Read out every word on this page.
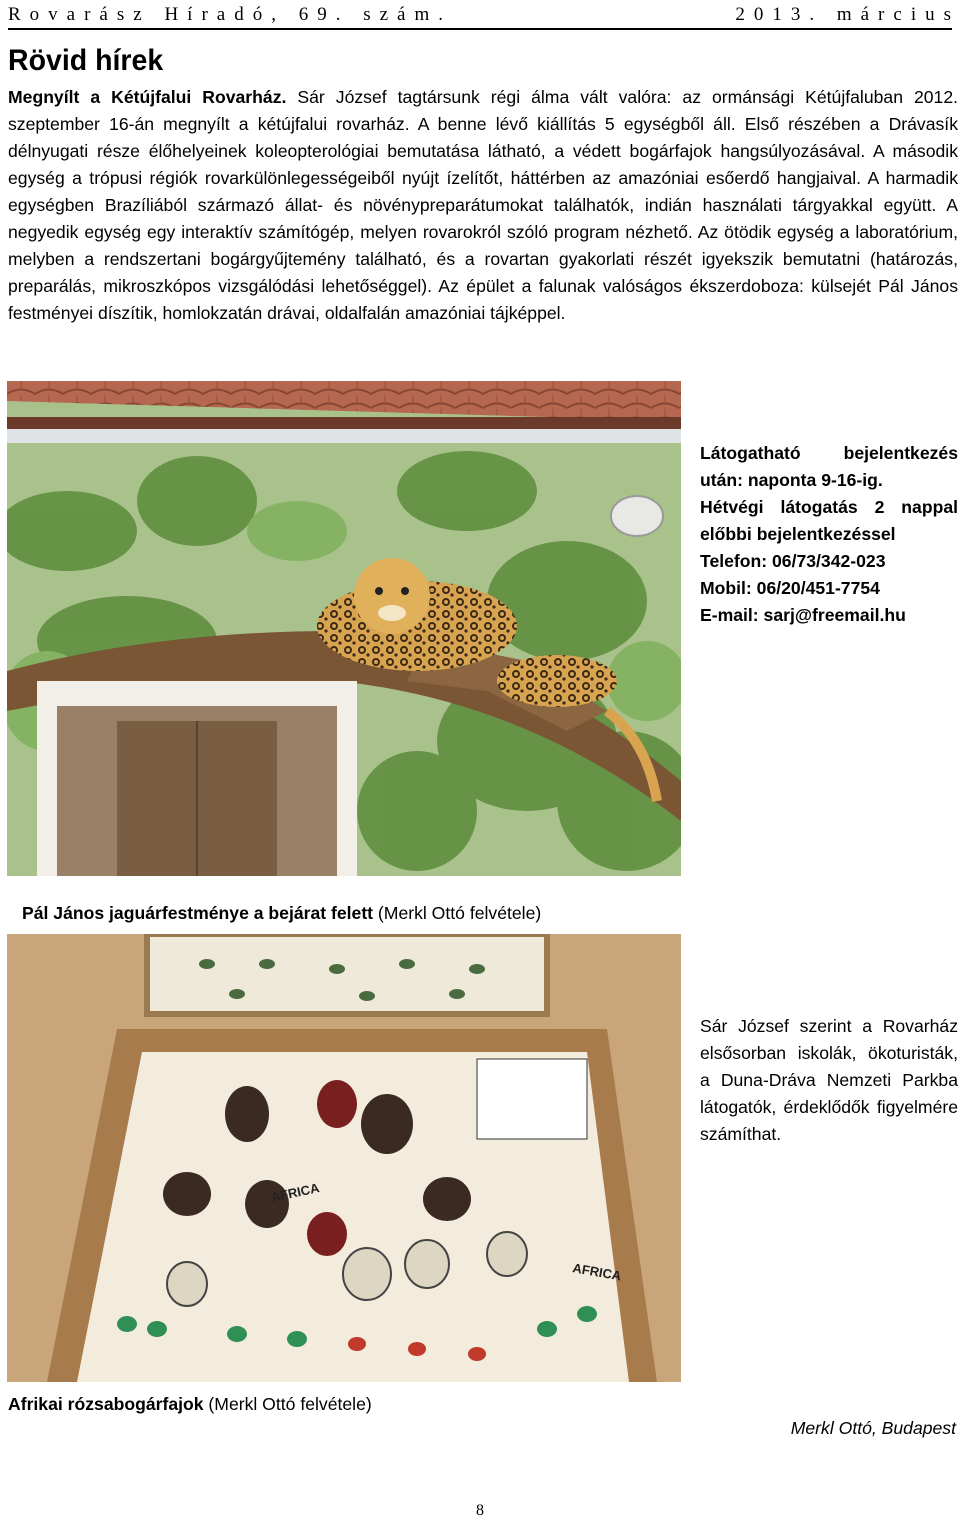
Rovarász Híradó, 69. szám.	2013. március
Rövid hírek
Megnyílt a Kétújfalui Rovarház. Sár József tagtársunk régi álma vált valóra: az ormánsági Kétújfaluban 2012. szeptember 16-án megnyílt a kétújfalui rovarház. A benne lévő kiállítás 5 egységből áll. Első részében a Drávasík délnyugati része élőhelyeinek koleopterológiai bemutatása látható, a védett bogárfajok hangsúlyozásával. A második egység a trópusi régiók rovarkülönlegességeiből nyújt ízelítőt, háttérben az amazóniai esőerdő hangjaival. A harmadik egységben Brazíliából származó állat- és növénypreparátumokat találhatók, indián használati tárgyakkal együtt. A negyedik egység egy interaktív számítógép, melyen rovarokról szóló program nézhető. Az ötödik egység a laboratórium, melyben a rendszertani bogárgyűjtemény található, és a rovartan gyakorlati részét igyekszik bemutatni (határozás, preparálás, mikroszkópos vizsgálódási lehetőséggel). Az épület a falunak valóságos ékszerdoboza: külsejét Pál János festményei díszítik, homlokzatán drávai, oldalfalán amazóniai tájképpel.
Látogatható bejelentkezés után: naponta 9-16-ig.
Hétvégi látogatás 2 nappal előbbi bejelentkezéssel
Telefon: 06/73/342-023
Mobil: 06/20/451-7754
E-mail: sarj@freemail.hu
Pál János jaguárfestménye a bejárat felett (Merkl Ottó felvétele)
AFRICA
AFRICA
Sár József szerint a Rovarház elsősorban iskolák, ökoturisták, a Duna-Dráva Nemzeti Parkba látogatók, érdeklődők figyelmére számíthat.
Afrikai rózsabogárfajok (Merkl Ottó felvétele)
Merkl Ottó, Budapest
8
